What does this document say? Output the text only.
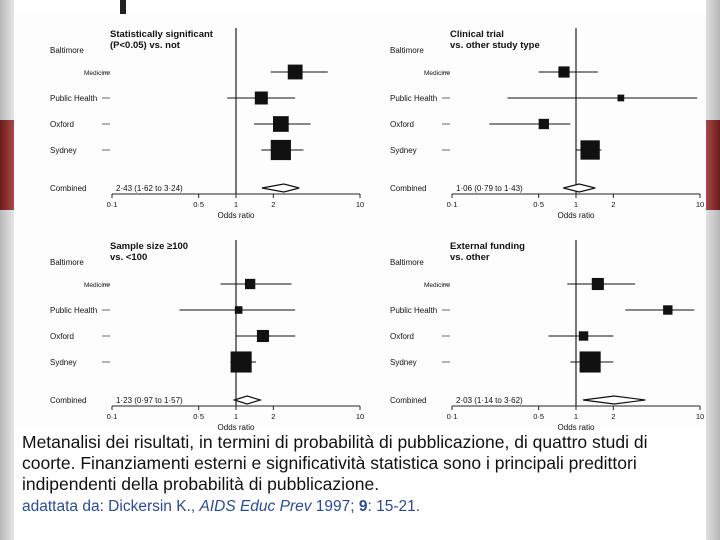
Statistically significant
(P<0.05) vs. not
Baltimore
Medicine
Public Health
Oxford
Sydney
Combined	2·43 (1·62 to 3·24)
0·1	0·5	1	2	10
Odds ratio
Clinical trial
vs. other study type
Baltimore
Medicine
Public Health
Oxford
Sydney
Combined	1·06 (0·79 to 1·43)
0·1	0·5	1	2	10
Odds ratio
Sample size ≥100
vs. <100
Baltimore
Medicine
Public Health
Oxford
Sydney
Combined	1·23 (0·97 to 1·57)
0·1	0·5	1	2	10
Odds ratio
External funding
vs. other
Baltimore
Medicine
Public Health
Oxford
Sydney
Combined	2·03 (1·14 to 3·62)
0·1	0·5	1	2	10
Odds ratio
Metanalisi dei risultati, in termini di probabilità di pubblicazione, di quattro studi di coorte. Finanziamenti esterni e significatività statistica sono i principali predittori indipendenti della probabilità di pubblicazione.
adattata da: Dickersin K., AIDS Educ Prev 1997; 9: 15-21.
